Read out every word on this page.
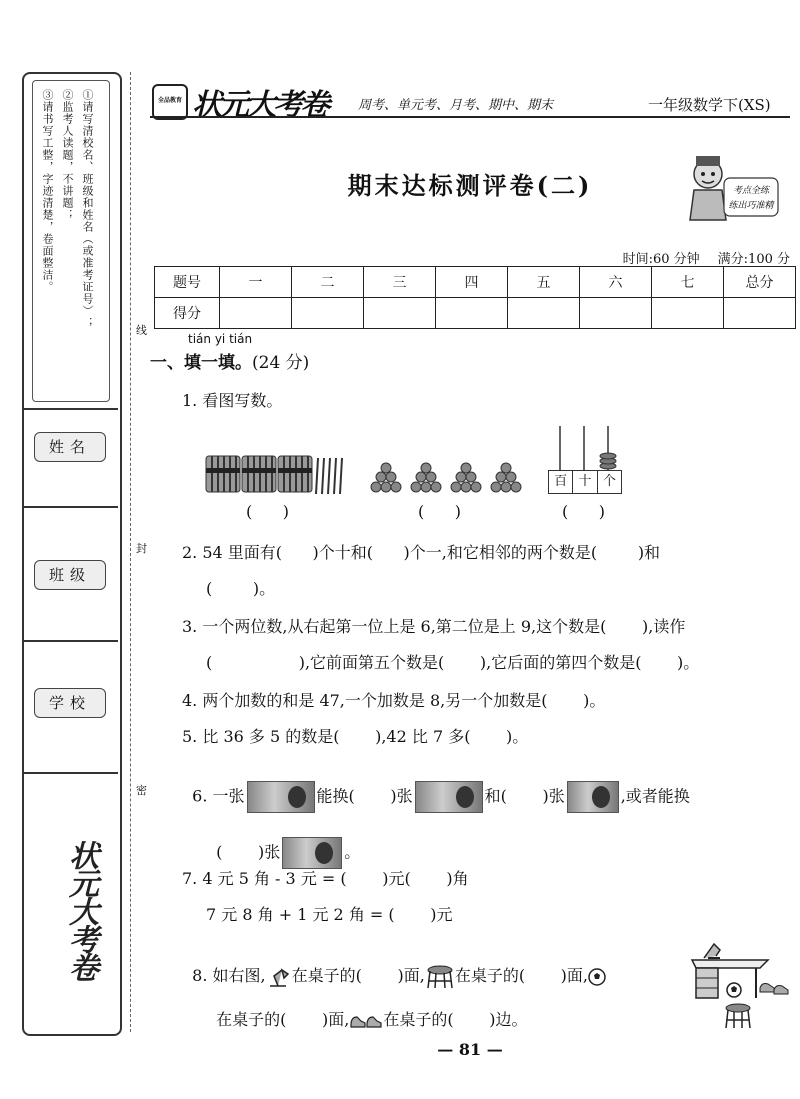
①请写清校名、班级和姓名（或准考证号）；
②监考人读题，不讲题；
③请书写工整，字迹清楚，卷面整洁。
姓名
班级
学校
状元大考卷
线
封
密
全品教育 状元大考卷 周考、单元考、月考、期中、期末	一年级数学下(XS)
期末达标测评卷(二)	考点全练
练出巧准精
时间:60 分钟 满分:100 分
题号	一	二	三	四	五	六	七	总分
得分								
tián yi tián
一、填一填。(24 分)
1. 看图写数。
百 十 个
(      )	(      )	(      )
2. 54 里面有(      )个十和(      )个一,和它相邻的两个数是(        )和
(        )。
3. 一个两位数,从右起第一位上是 6,第二位是上 9,这个数是(       ),读作
(                 ),它前面第五个数是(       ),它后面的第四个数是(       )。
4. 两个加数的和是 47,一个加数是 8,另一个加数是(       )。
5. 比 36 多 5 的数是(       ),42 比 7 多(       )。

6. 一张	能换(       )张	和(       )张	,或者能换

(       )张	。

7. 4 元 5 角 - 3 元 = (       )元(       )角
7 元 8 角 + 1 元 2 角 = (       )元

8. 如右图, 在桌子的(       )面, 在桌子的(       )面,

在桌子的(       )面, 在桌子的(       )边。

— 81 —
